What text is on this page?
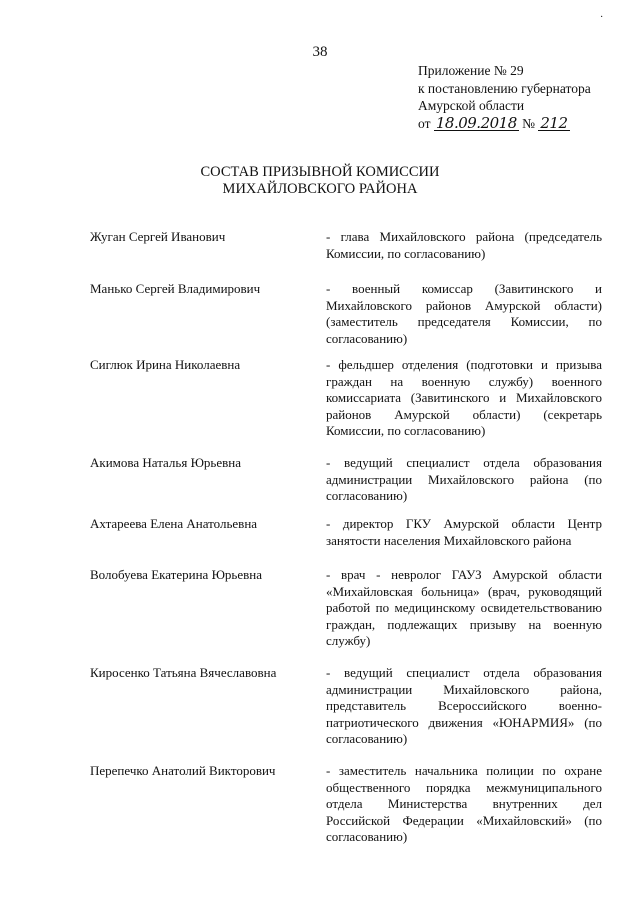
·
38
Приложение № 29
к постановлению губернатора
Амурской области
от 18.09.2018 № 212
СОСТАВ ПРИЗЫВНОЙ КОМИССИИ
МИХАЙЛОВСКОГО РАЙОНА
Жуган Сергей Иванович	- глава Михайловского района (председатель Комиссии, по согласованию)
Манько Сергей Владимирович	- военный комиссар (Завитинского и Михайловского районов Амурской области) (заместитель председателя Комиссии, по согласованию)
Сиглюк Ирина Николаевна	- фельдшер отделения (подготовки и призыва граждан на военную службу) военного комиссариата (Завитинского и Михайловского районов Амурской области) (секретарь Комиссии, по согласованию)
Акимова Наталья Юрьевна	- ведущий специалист отдела образования администрации Михайловского района (по согласованию)
Ахтареева Елена Анатольевна	- директор ГКУ Амурской области Центр занятости населения Михайловского района
Волобуева Екатерина Юрьевна	- врач - невролог ГАУЗ Амурской области «Михайловская больница» (врач, руководящий работой по медицинскому освидетельствованию граждан, подлежащих призыву на военную службу)
Киросенко Татьяна Вячеславовна	- ведущий специалист отдела образования администрации Михайловского района, представитель Всероссийского военно-патриотического движения «ЮНАРМИЯ» (по согласованию)
Перепечко Анатолий Викторович	- заместитель начальника полиции по охране общественного порядка межмуниципального отдела Министерства внутренних дел Российской Федерации «Михайловский» (по согласованию)
